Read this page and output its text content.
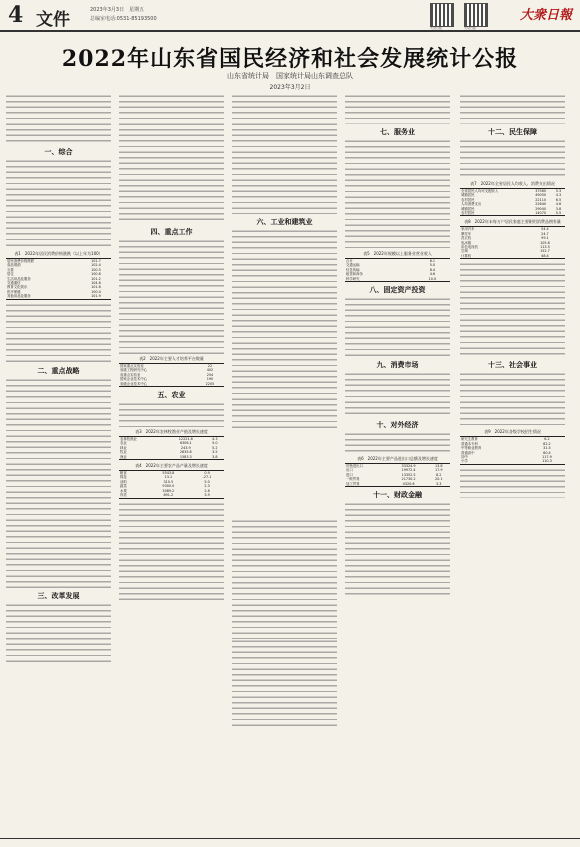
4 文件	2023年3月3日　星期五
总编室电话:0531-85193500
大众日报	大众日报
大衆日報
2022年山东省国民经济和社会发展统计公报
山东省统计局　国家统计局山东调查总队
2023年3月2日
一、综合
表1　2022年居民消费价格涨跌（以上年为100）
居民消费价格涨跌	101.7
食品烟酒	102.4
衣着	100.5
居住	100.8
生活用品及服务	101.2
交通通信	104.8
教育文化娱乐	101.6
医疗保健	100.4
其他用品及服务	101.9
二、重点战略
三、改革发展
四、重点工作
表2　2022年主要人才培养平台数量
国家重点实验室	22
省级工程研究中心	402
省重点实验室	254
国家企业技术中心	190
省级企业技术中心	2205
五、农业
表3　2022年农林牧渔业产值及增长速度
农林牧渔业	12221.6	4.3
农业	6306.1	5.0
林业	243.9	5.2
牧业	2835.8	3.5
渔业	1583.3	3.8
表4　2022年主要农产品产量及增长速度
粮食	5543.8	0.9
棉花	13.1	-27.1
油料	310.5	5.0
蔬菜	9300.0	2.3
水果	3089.2	2.8
肉类	891.2	3.9
六、工业和建筑业
七、服务业
表5　2022年规模以上服务业营业收入
合计	6.1
交通运输	5.0
信息传输	8.4
租赁和商务	4.6
科学研究	10.0
八、固定资产投资
九、消费市场
十、对外经济
表6　2022年主要产品进出口总额及增长速度
货物进出口	33324.9	13.8
出口	19972.4	17.9
进口	13352.5	8.2
一般贸易	21730.2	20.1
加工贸易	4320.6	3.3
十一、财政金融
十二、民生保障
表7　2022年全省居民人均收入、消费支出情况
全省居民人均可支配收入	37560	5.3
城镇居民	49050	4.3
农村居民	22110	6.5
人均消费支出	22640	4.6
城镇居民	29040	3.8
农村居民	14070	5.5
表8　2022年末每万户居民家庭主要耐用消费品拥有量
家用汽车	54.4
摩托车	24.7
洗衣机	99.1
电冰箱	105.8
彩色电视机	113.5
空调	152.7
计算机	48.4
十三、社会事业
表9　2022年各级学校招生情况
研究生教育	6.2
普通本专科	82.2
中等职业教育	31.5
普通高中	60.4
初中	117.9
小学	110.3
